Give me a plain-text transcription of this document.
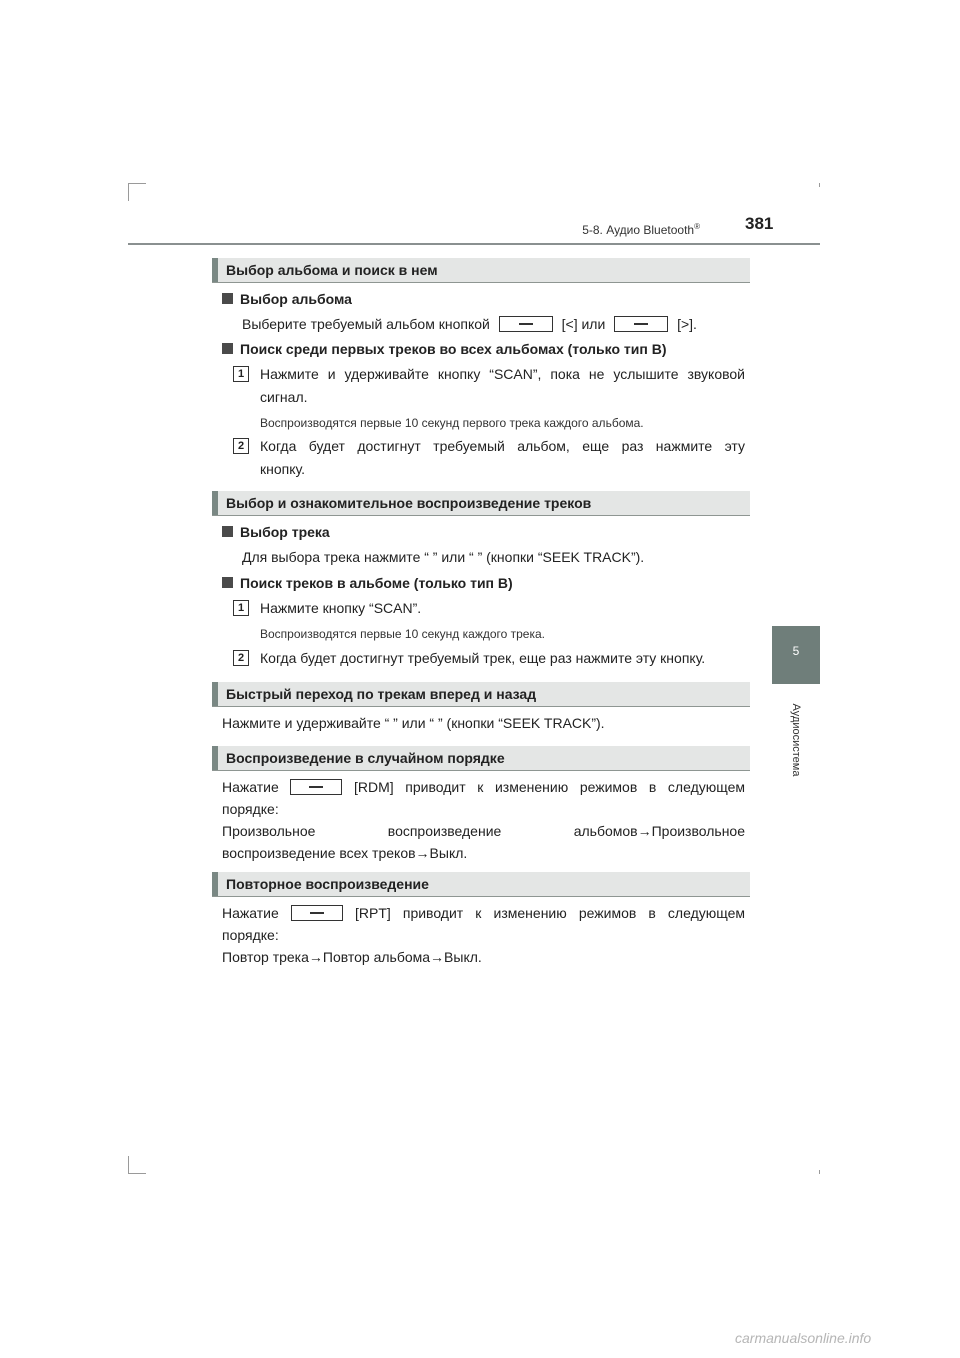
5-8. Аудио Bluetooth®	381
5
Аудиосистема
Выбор альбома и поиск в нем
Выбор альбома
Выберите требуемый альбом кнопкой	[<] или	[>].
Поиск среди первых треков во всех альбомах (только тип B)
1	Нажмите и удерживайте кнопку “SCAN”, пока не услышите звуковой
сигнал.
Воспроизводятся первые 10 секунд первого трека каждого альбома.
2	Когда будет достигнут требуемый альбом, еще раз нажмите эту
кнопку.
Выбор и ознакомительное воспроизведение треков
Выбор трека
Для выбора трека нажмите “ ” или “ ” (кнопки “SEEK TRACK”).
Поиск треков в альбоме (только тип B)
1	Нажмите кнопку “SCAN”.
Воспроизводятся первые 10 секунд каждого трека.
2	Когда будет достигнут требуемый трек, еще раз нажмите эту кнопку.
Быстрый переход по трекам вперед и назад
Нажмите и удерживайте “ ” или “ ” (кнопки “SEEK TRACK”).
Воспроизведение в случайном порядке
Нажатие	[RDM] приводит к изменению режимов в следующем
порядке:
Произвольное воспроизведение альбомов→Произвольное
воспроизведение всех треков→Выкл.
Повторное воспроизведение
Нажатие	[RPT] приводит к изменению режимов в следующем
порядке:
Повтор трека→Повтор альбома→Выкл.
carmanualsonline.info
